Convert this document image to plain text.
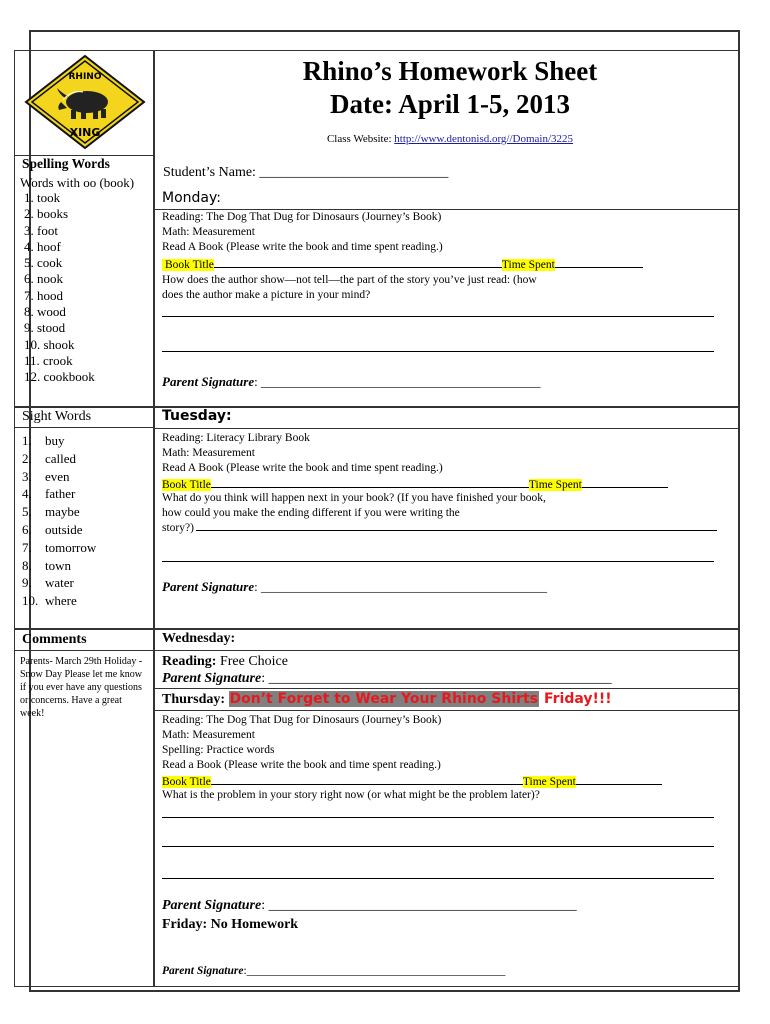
RHINO
XING
Rhino’s Homework Sheet
Date: April 1-5, 2013
Class Website: http://www.dentonisd.org//Domain/3225
Student’s Name: ___________________________
Spelling Words
Words with oo (book)
1. took
2. books
3. foot
4. hoof
5. cook
6. nook
7. hood
8. wood
9. stood
10. shook
11. crook
12. cookbook
Sight Words
1. buy
2. called
3. even
4. father
5. maybe
6. outside
7. tomorrow
8. town
9. water
10. where
Comments
Parents- March 29th Holiday - Snow Day Please let me know if you ever have any questions or concerns. Have a great week!
Monday:
Reading: The Dog That Dug for Dinosaurs (Journey’s Book)
Math: Measurement
Read A Book (Please write the book and time spent reading.)
Book Title	Time Spent
How does the author show—not tell—the part of the story you’ve just read: (how
does the author make a picture in your mind?
Parent Signature: ___________________________________________
Tuesday:
Reading: Literacy Library Book
Math: Measurement
Read A Book (Please write the book and time spent reading.)
Book Title	Time Spent
What do you think will happen next in your book? (If you have finished your book,
how could you make the ending different if you were writing the
story?)
Parent Signature: ____________________________________________
Wednesday:
Reading: Free Choice
Parent Signature: _________________________________________________
Thursday: Don’t Forget to Wear Your Rhino Shirts Friday!!!
Reading: The Dog That Dug for Dinosaurs (Journey’s Book)
Math: Measurement
Spelling: Practice words
Read a Book (Please write the book and time spent reading.)
Book Title	Time Spent
What is the problem in your story right now (or what might be the problem later)?
Parent Signature: ____________________________________________
Friday: No Homework
Parent Signature:_____________________________________________
